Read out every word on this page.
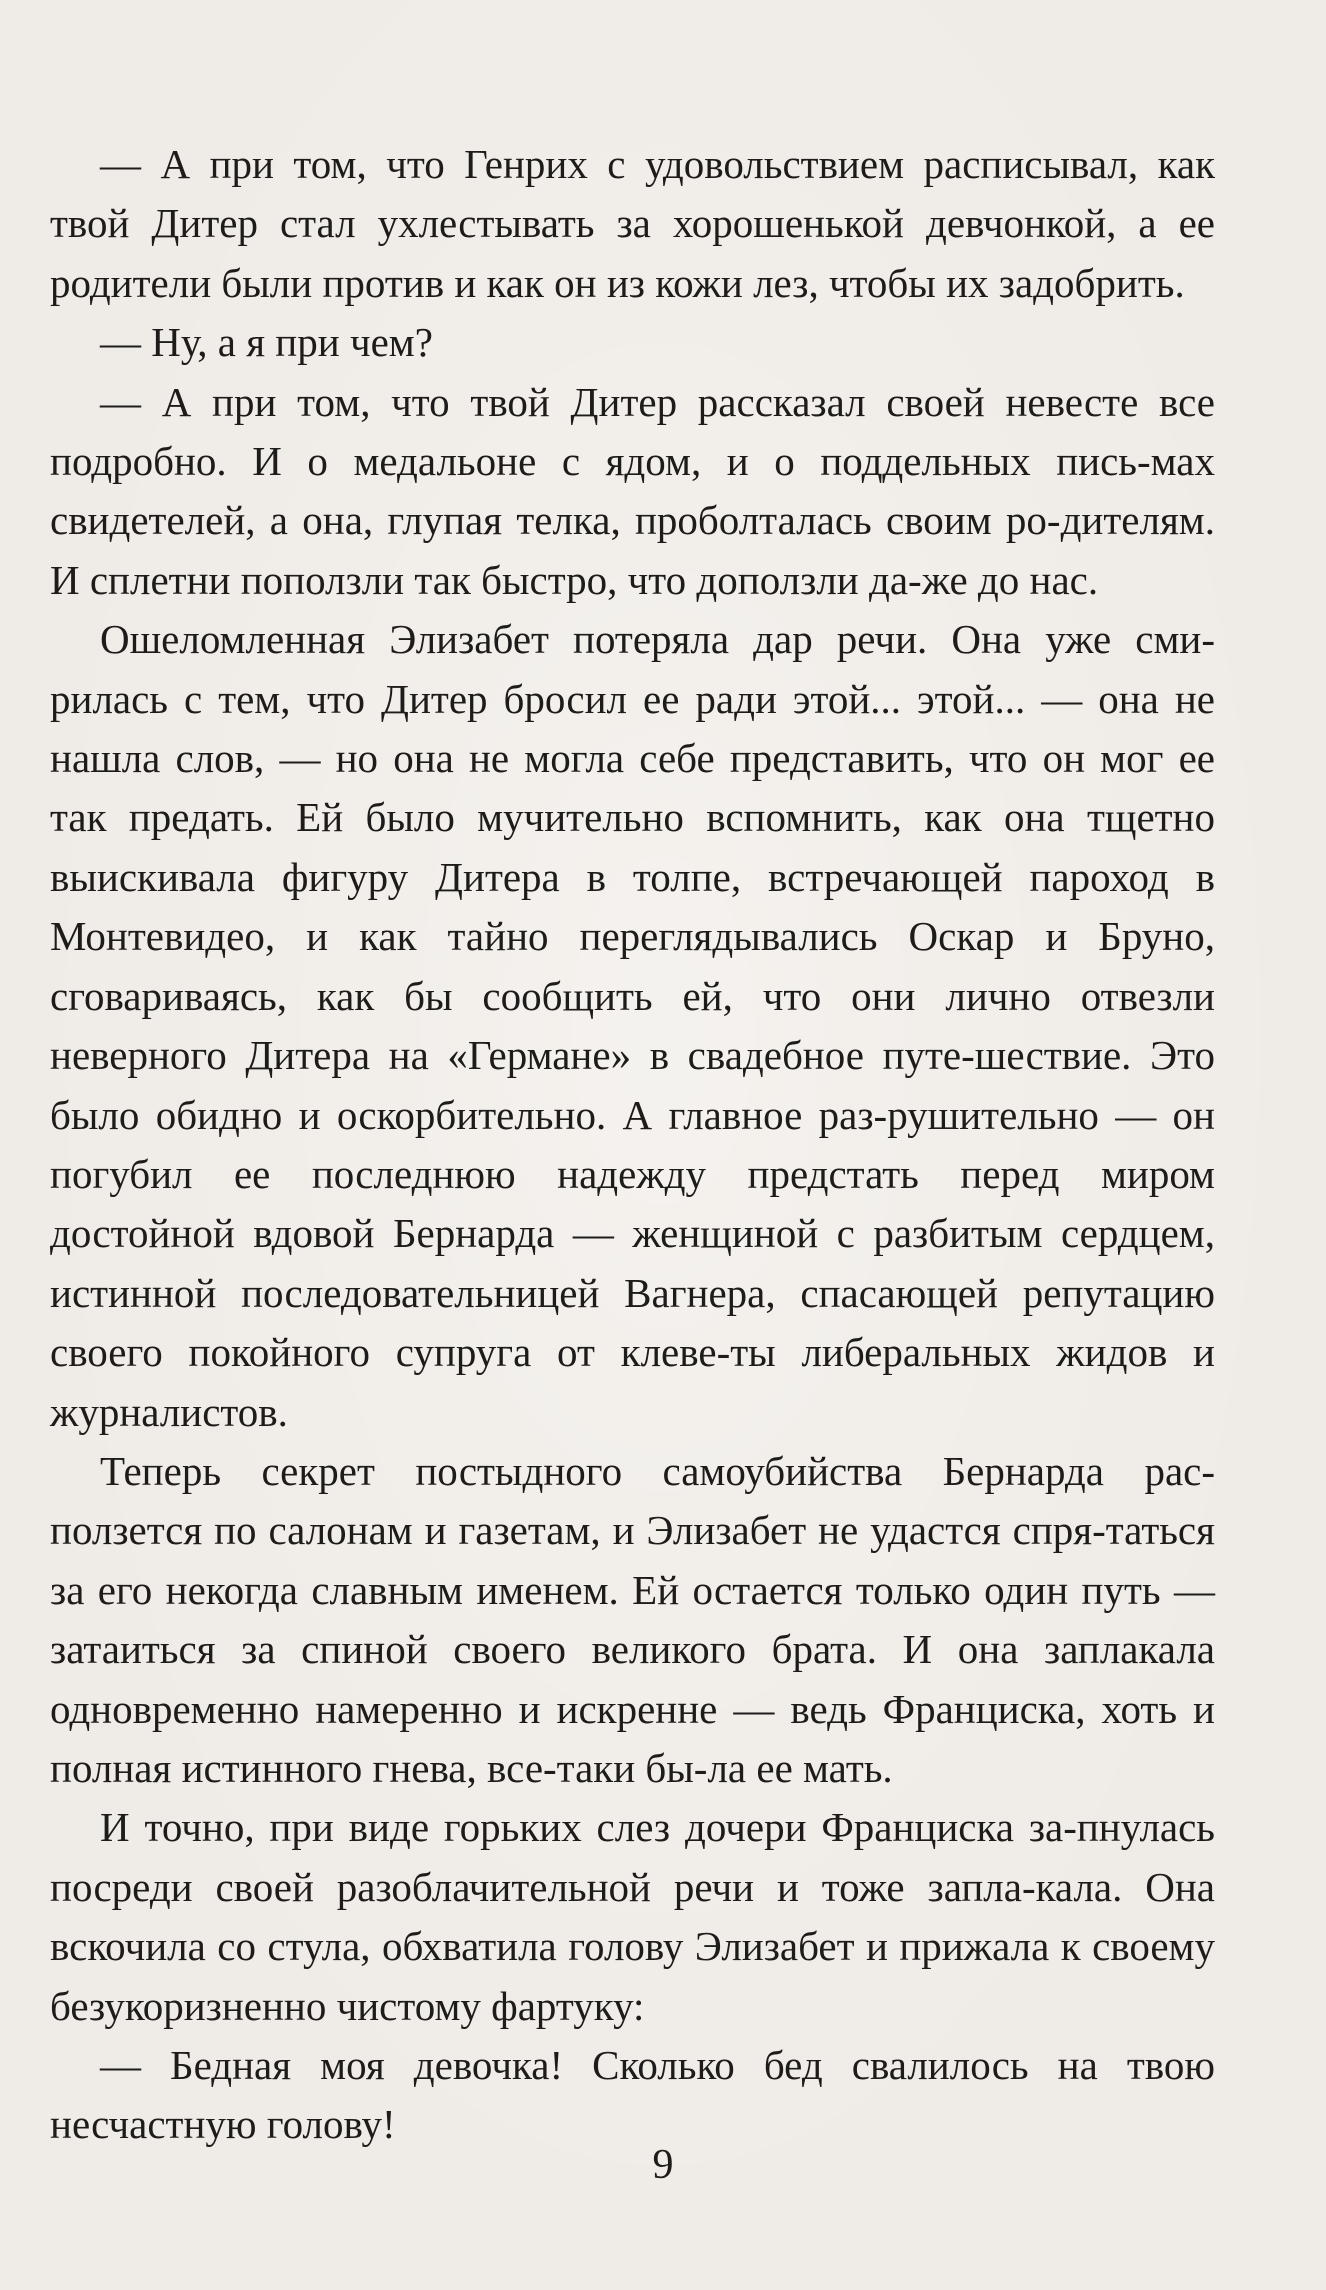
— А при том, что Генрих с удовольствием расписывал, как твой Дитер стал ухлестывать за хорошенькой девчонкой, а ее родители были против и как он из кожи лез, чтобы их задобрить.

— Ну, а я при чем?

— А при том, что твой Дитер рассказал своей невесте все подробно. И о медальоне с ядом, и о поддельных пись-мах свидетелей, а она, глупая телка, проболталась своим ро-дителям. И сплетни поползли так быстро, что доползли да-же до нас.

Ошеломленная Элизабет потеряла дар речи. Она уже сми-рилась с тем, что Дитер бросил ее ради этой... этой... — она не нашла слов, — но она не могла себе представить, что он мог ее так предать. Ей было мучительно вспомнить, как она тщетно выискивала фигуру Дитера в толпе, встречающей пароход в Монтевидео, и как тайно переглядывались Оскар и Бруно, сговариваясь, как бы сообщить ей, что они лично отвезли неверного Дитера на «Германе» в свадебное путе-шествие. Это было обидно и оскорбительно. А главное раз-рушительно — он погубил ее последнюю надежду предстать перед миром достойной вдовой Бернарда — женщиной с разбитым сердцем, истинной последовательницей Вагнера, спасающей репутацию своего покойного супруга от клеве-ты либеральных жидов и журналистов.

Теперь секрет постыдного самоубийства Бернарда рас-ползется по салонам и газетам, и Элизабет не удастся спря-таться за его некогда славным именем. Ей остается только один путь — затаиться за спиной своего великого брата. И она заплакала одновременно намеренно и искренне — ведь Франциска, хоть и полная истинного гнева, все-таки бы-ла ее мать.

И точно, при виде горьких слез дочери Франциска за-пнулась посреди своей разоблачительной речи и тоже запла-кала. Она вскочила со стула, обхватила голову Элизабет и прижала к своему безукоризненно чистому фартуку:

— Бедная моя девочка! Сколько бед свалилось на твою несчастную голову!

9
